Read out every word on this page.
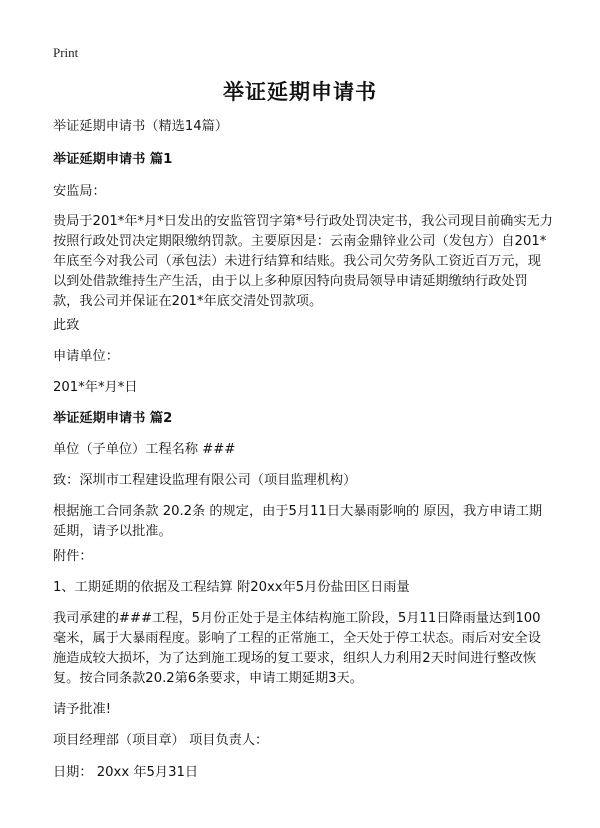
Print
举证延期申请书

举证延期申请书（精选14篇）

举证延期申请书 篇1

安监局：

贵局于201*年*月*日发出的安监管罚字第*号行政处罚决定书，我公司现目前确实无力按照行政处罚决定期限缴纳罚款。主要原因是：云南金鼎锌业公司（发包方）自201*年底至今对我公司（承包法）未进行结算和结账。我公司欠劳务队工资近百万元，现以到处借款维持生产生活，由于以上多种原因特向贵局领导申请延期缴纳行政处罚款，我公司并保证在201*年底交清处罚款项。

此致

申请单位：

201*年*月*日

举证延期申请书 篇2

单位（子单位）工程名称 ###

致：深圳市工程建设监理有限公司（项目监理机构）

根据施工合同条款 20.2条 的规定，由于5月11日大暴雨影响的 原因，我方申请工期延期，请予以批准。

附件：

1、工期延期的依据及工程结算 附20xx年5月份盐田区日雨量

我司承建的###工程，5月份正处于是主体结构施工阶段，5月11日降雨量达到100毫米，属于大暴雨程度。影响了工程的正常施工，全天处于停工状态。雨后对安全设施造成较大损坏，为了达到施工现场的复工要求，组织人力利用2天时间进行整改恢复。按合同条款20.2第6条要求，申请工期延期3天。

请予批准!

项目经理部（项目章） 项目负责人：

日期： 20xx 年5月31日
